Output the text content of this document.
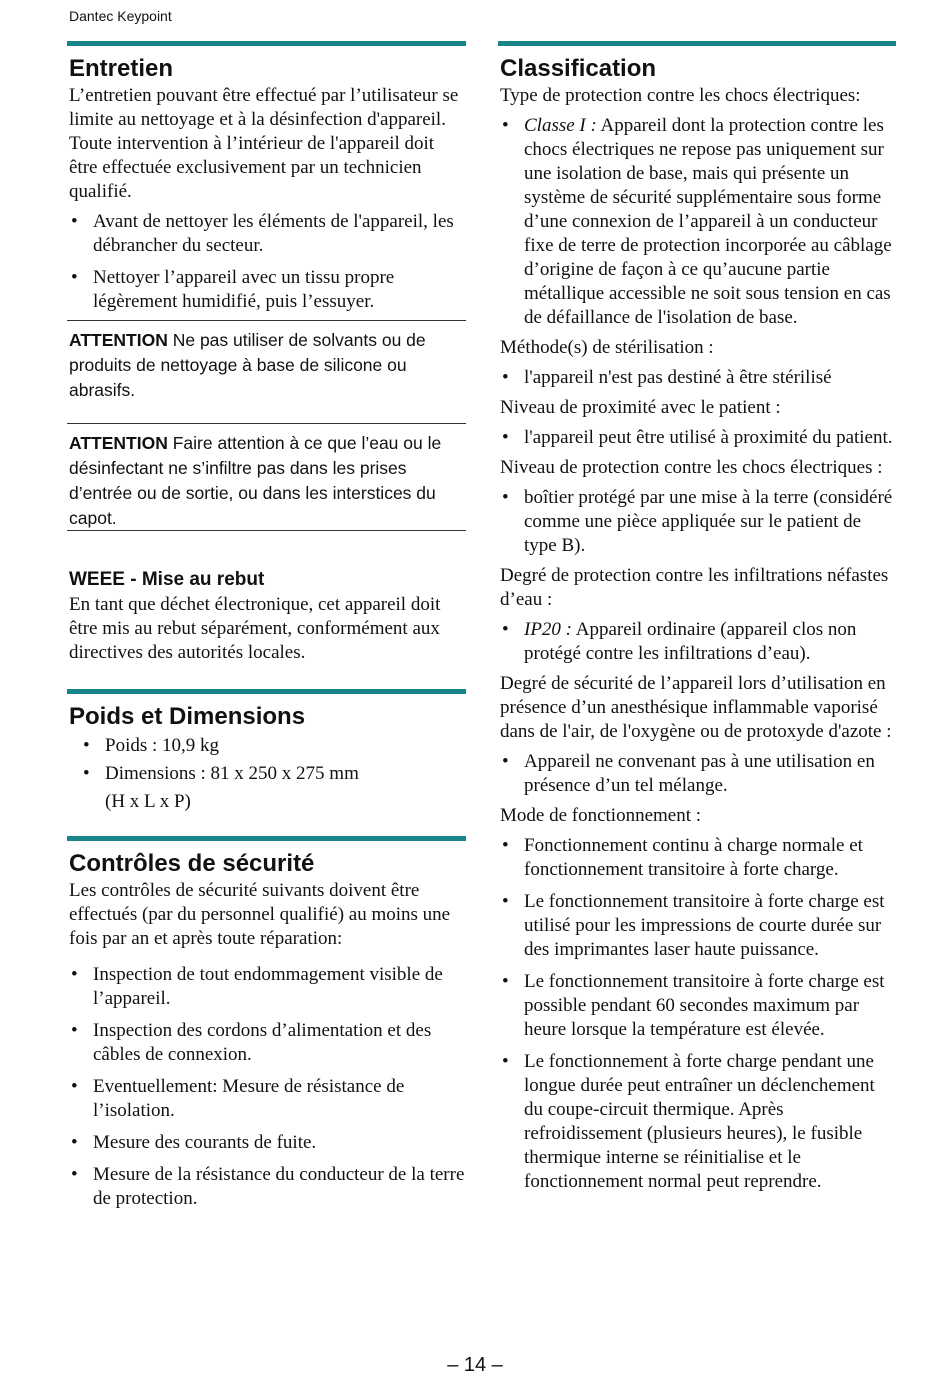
Dantec Keypoint
Entretien

L’entretien pouvant être effectué par l’utilisateur se limite au nettoyage et à la désinfection d'appareil. Toute intervention à l’intérieur de l'appareil doit être effectuée exclusivement par un technicien qualifié.

• Avant de nettoyer les éléments de l'appareil, les débrancher du secteur.
• Nettoyer l’appareil avec un tissu propre légèrement humidifié, puis l’essuyer.
ATTENTION Ne pas utiliser de solvants ou de produits de nettoyage à base de silicone ou abrasifs.
ATTENTION Faire attention à ce que l’eau ou le désinfectant ne s’infiltre pas dans les prises d’entrée ou de sortie, ou dans les interstices du capot.
WEEE - Mise au rebut

En tant que déchet électronique, cet appareil doit être mis au rebut séparément, conformément aux directives des autorités locales.

Poids et Dimensions
• Poids : 10,9 kg
• Dimensions : 81 x 250 x 275 mm
(H x L x P)
Contrôles de sécurité

Les contrôles de sécurité suivants doivent être effectués (par du personnel qualifié) au moins une fois par an et après toute réparation:

• Inspection de tout endommagement visible de l’appareil.
• Inspection des cordons d’alimentation et des câbles de connexion.
• Eventuellement: Mesure de résistance de l’isolation.
• Mesure des courants de fuite.
• Mesure de la résistance du conducteur de la terre de protection.
Classification

Type de protection contre les chocs électriques:

• Classe I : Appareil dont la protection contre les chocs électriques ne repose pas uniquement sur une isolation de base, mais qui présente un système de sécurité supplémentaire sous forme d’une connexion de l’appareil à un conducteur fixe de terre de protection incorporée au câblage d’origine de façon à ce qu’aucune partie métallique accessible ne soit sous tension en cas de défaillance de l'isolation de base.

Méthode(s) de stérilisation :

• l'appareil n'est pas destiné à être stérilisé

Niveau de proximité avec le patient :

• l'appareil peut être utilisé à proximité du patient.

Niveau de protection contre les chocs électriques :

• boîtier protégé par une mise à la terre (considéré comme une pièce appliquée sur le patient de type B).

Degré de protection contre les infiltrations néfastes d’eau :

• IP20 : Appareil ordinaire (appareil clos non protégé contre les infiltrations d’eau).

Degré de sécurité de l’appareil lors d’utilisation en présence d’un anesthésique inflammable vaporisé dans de l'air, de l'oxygène ou de protoxyde d'azote :

• Appareil ne convenant pas à une utilisation en présence d’un tel mélange.

Mode de fonctionnement :

• Fonctionnement continu à charge normale et fonctionnement transitoire à forte charge.
• Le fonctionnement transitoire à forte charge est utilisé pour les impressions de courte durée sur des imprimantes laser haute puissance.
• Le fonctionnement transitoire à forte charge est possible pendant 60 secondes maximum par heure lorsque la température est élevée.
• Le fonctionnement à forte charge pendant une longue durée peut entraîner un déclenchement du coupe-circuit thermique. Après refroidissement (plusieurs heures), le fusible thermique interne se réinitialise et le fonctionnement normal peut reprendre.
– 14 –
